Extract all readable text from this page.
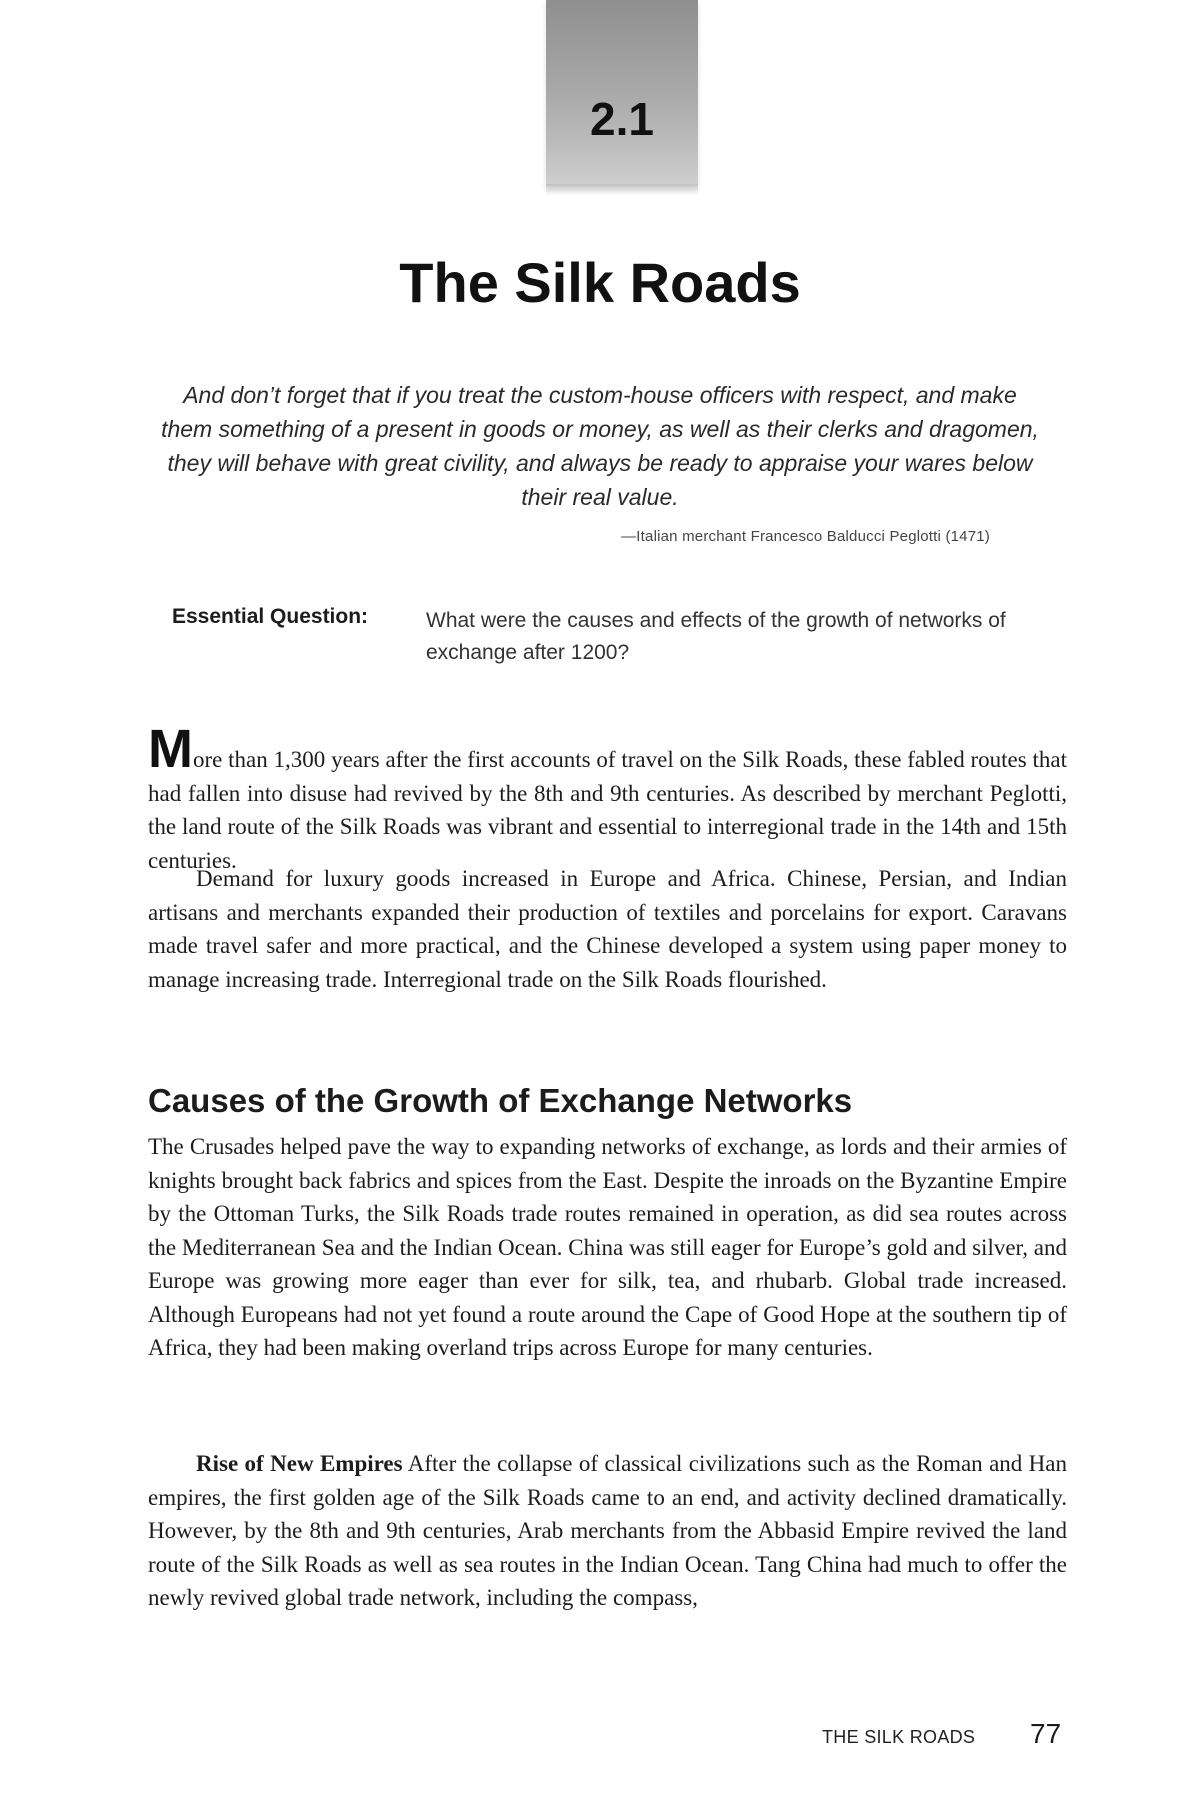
2.1
The Silk Roads

And don’t forget that if you treat the custom-house officers with respect, and make them something of a present in goods or money, as well as their clerks and dragomen, they will behave with great civility, and always be ready to appraise your wares below their real value.

—Italian merchant Francesco Balducci Peglotti (1471)
Essential Question:	What were the causes and effects of the growth of networks of exchange after 1200?

More than 1,300 years after the first accounts of travel on the Silk Roads, these fabled routes that had fallen into disuse had revived by the 8th and 9th centuries. As described by merchant Peglotti, the land route of the Silk Roads was vibrant and essential to interregional trade in the 14th and 15th centuries.

Demand for luxury goods increased in Europe and Africa. Chinese, Persian, and Indian artisans and merchants expanded their production of textiles and porcelains for export. Caravans made travel safer and more practical, and the Chinese developed a system using paper money to manage increasing trade. Interregional trade on the Silk Roads flourished.

Causes of the Growth of Exchange Networks

The Crusades helped pave the way to expanding networks of exchange, as lords and their armies of knights brought back fabrics and spices from the East. Despite the inroads on the Byzantine Empire by the Ottoman Turks, the Silk Roads trade routes remained in operation, as did sea routes across the Mediterranean Sea and the Indian Ocean. China was still eager for Europe’s gold and silver, and Europe was growing more eager than ever for silk, tea, and rhubarb. Global trade increased. Although Europeans had not yet found a route around the Cape of Good Hope at the southern tip of Africa, they had been making overland trips across Europe for many centuries.

Rise of New Empires After the collapse of classical civilizations such as the Roman and Han empires, the first golden age of the Silk Roads came to an end, and activity declined dramatically. However, by the 8th and 9th centuries, Arab merchants from the Abbasid Empire revived the land route of the Silk Roads as well as sea routes in the Indian Ocean. Tang China had much to offer the newly revived global trade network, including the compass,

THE SILK ROADS 77
